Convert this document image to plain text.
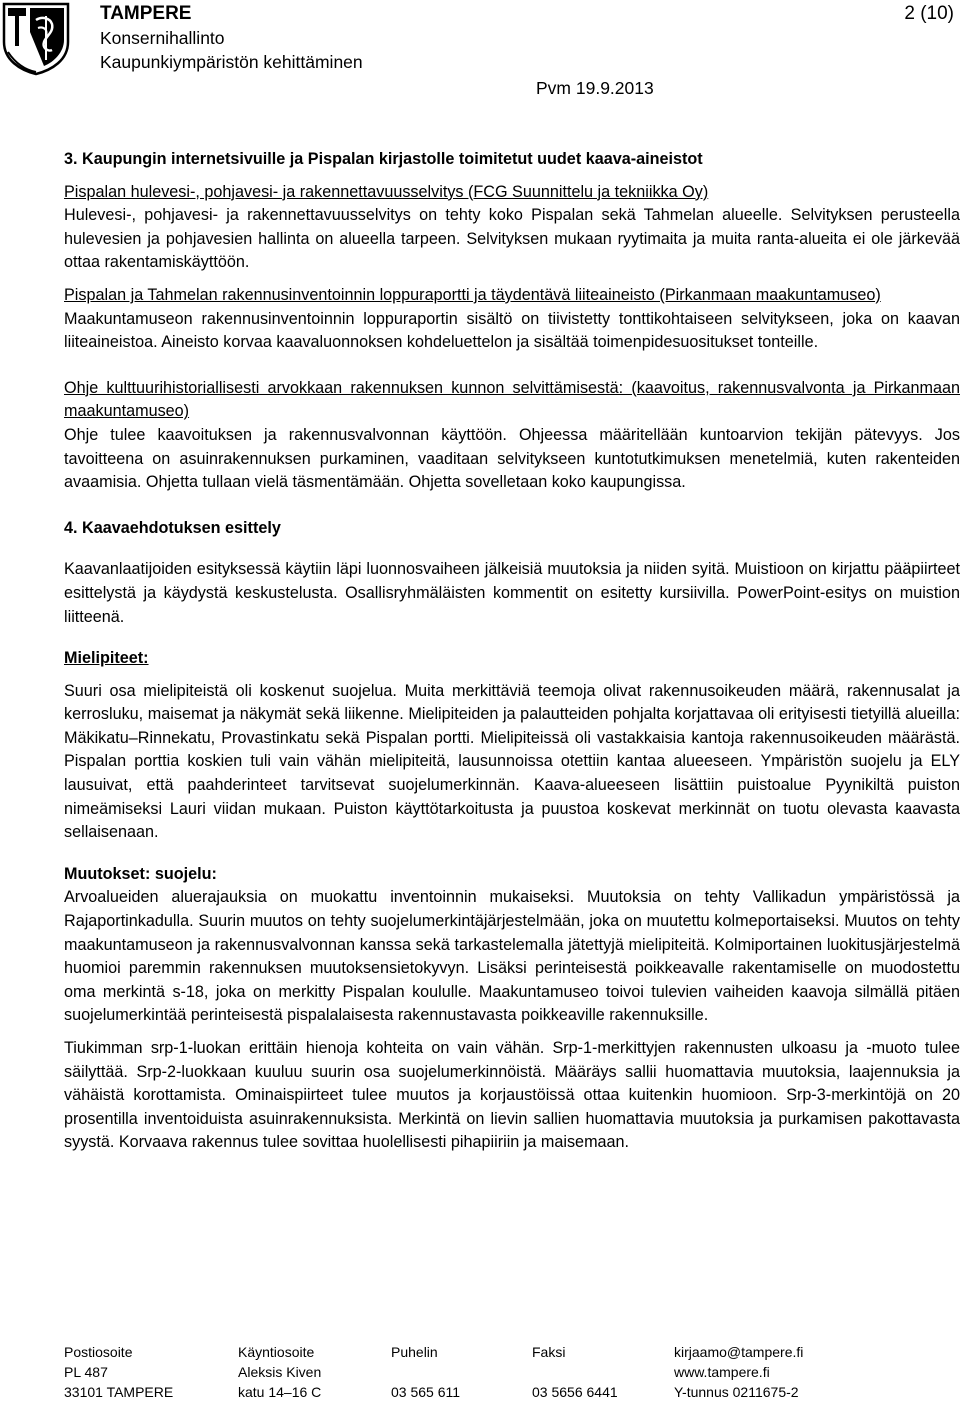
TAMPERE
Konsernihallinto
Kaupunkiympäristön kehittäminen
2 (10)
Pvm 19.9.2013

3. Kaupungin internetsivuille ja Pispalan kirjastolle toimitetut uudet kaava-aineistot

Pispalan hulevesi-, pohjavesi- ja rakennettavuusselvitys (FCG Suunnittelu ja tekniikka Oy)

Hulevesi-, pohjavesi- ja rakennettavuusselvitys on tehty koko Pispalan sekä Tahmelan alueelle. Selvityksen perusteella hulevesien ja pohjavesien hallinta on alueella tarpeen. Selvityksen mukaan ryytimaita ja muita ranta-alueita ei ole järkevää ottaa rakentamiskäyttöön.

Pispalan ja Tahmelan rakennusinventoinnin loppuraportti ja täydentävä liiteaineisto (Pirkanmaan maakuntamuseo)

Maakuntamuseon rakennusinventoinnin loppuraportin sisältö on tiivistetty tonttikohtaiseen selvitykseen, joka on kaavan liiteaineistoa. Aineisto korvaa kaavaluonnoksen kohdeluettelon ja sisältää toimenpidesuositukset tonteille.

Ohje kulttuurihistoriallisesti arvokkaan rakennuksen kunnon selvittämisestä: (kaavoitus, rakennusvalvonta ja Pirkanmaan maakuntamuseo)

Ohje tulee kaavoituksen ja rakennusvalvonnan käyttöön. Ohjeessa määritellään kuntoarvion tekijän pätevyys. Jos tavoitteena on asuinrakennuksen purkaminen, vaaditaan selvitykseen kuntotutkimuksen menetelmiä, kuten rakenteiden avaamisia. Ohjetta tullaan vielä täsmentämään. Ohjetta sovelletaan koko kaupungissa.

4. Kaavaehdotuksen esittely

Kaavanlaatijoiden esityksessä käytiin läpi luonnosvaiheen jälkeisiä muutoksia ja niiden syitä. Muistioon on kirjattu pääpiirteet esittelystä ja käydystä keskustelusta. Osallisryhmäläisten kommentit on esitetty kursiivilla. PowerPoint-esitys on muistion liitteenä.

Mielipiteet:

Suuri osa mielipiteistä oli koskenut suojelua. Muita merkittäviä teemoja olivat rakennusoikeuden määrä, rakennusalat ja kerrosluku, maisemat ja näkymät sekä liikenne. Mielipiteiden ja palautteiden pohjalta korjattavaa oli erityisesti tietyillä alueilla: Mäkikatu–Rinnekatu, Provastinkatu sekä Pispalan portti. Mielipiteissä oli vastakkaisia kantoja rakennusoikeuden määrästä. Pispalan porttia koskien tuli vain vähän mielipiteitä, lausunnoissa otettiin kantaa alueeseen. Ympäristön suojelu ja ELY lausuivat, että paahderinteet tarvitsevat suojelumerkinnän. Kaava-alueeseen lisättiin puistoalue Pyynikiltä puiston nimeämiseksi Lauri viidan mukaan. Puiston käyttötarkoitusta ja puustoa koskevat merkinnät on tuotu olevasta kaavasta sellaisenaan.

Muutokset: suojelu:

Arvoalueiden aluerajauksia on muokattu inventoinnin mukaiseksi. Muutoksia on tehty Vallikadun ympäristössä ja Rajaportinkadulla. Suurin muutos on tehty suojelumerkintäjärjestelmään, joka on muutettu kolmeportaiseksi. Muutos on tehty maakuntamuseon ja rakennusvalvonnan kanssa sekä tarkastelemalla jätettyjä mielipiteitä. Kolmiportainen luokitusjärjestelmä huomioi paremmin rakennuksen muutoksensietokyvyn. Lisäksi perinteisestä poikkeavalle rakentamiselle on muodostettu oma merkintä s-18, joka on merkitty Pispalan koululle. Maakuntamuseo toivoi tulevien vaiheiden kaavoja silmällä pitäen suojelumerkintää perinteisestä pispalalaisesta rakennustavasta poikkeaville rakennuksille.

Tiukimman srp-1-luokan erittäin hienoja kohteita on vain vähän. Srp-1-merkittyjen rakennusten ulkoasu ja -muoto tulee säilyttää. Srp-2-luokkaan kuuluu suurin osa suojelumerkinnöistä. Määräys sallii huomattavia muutoksia, laajennuksia ja vähäistä korottamista. Ominaispiirteet tulee muutos ja korjaustöissä ottaa kuitenkin huomioon. Srp-3-merkintöjä on 20 prosentilla inventoiduista asuinrakennuksista. Merkintä on lievin sallien huomattavia muutoksia ja purkamisen pakottavasta syystä. Korvaava rakennus tulee sovittaa huolellisesti pihapiiriin ja maisemaan.

Postiosoite
PL 487
33101 TAMPERE
Käyntiosoite
Aleksis Kiven
katu 14–16 C
Puhelin

03 565 611
Faksi

03 5656 6441
kirjaamo@tampere.fi
www.tampere.fi
Y-tunnus 0211675-2
